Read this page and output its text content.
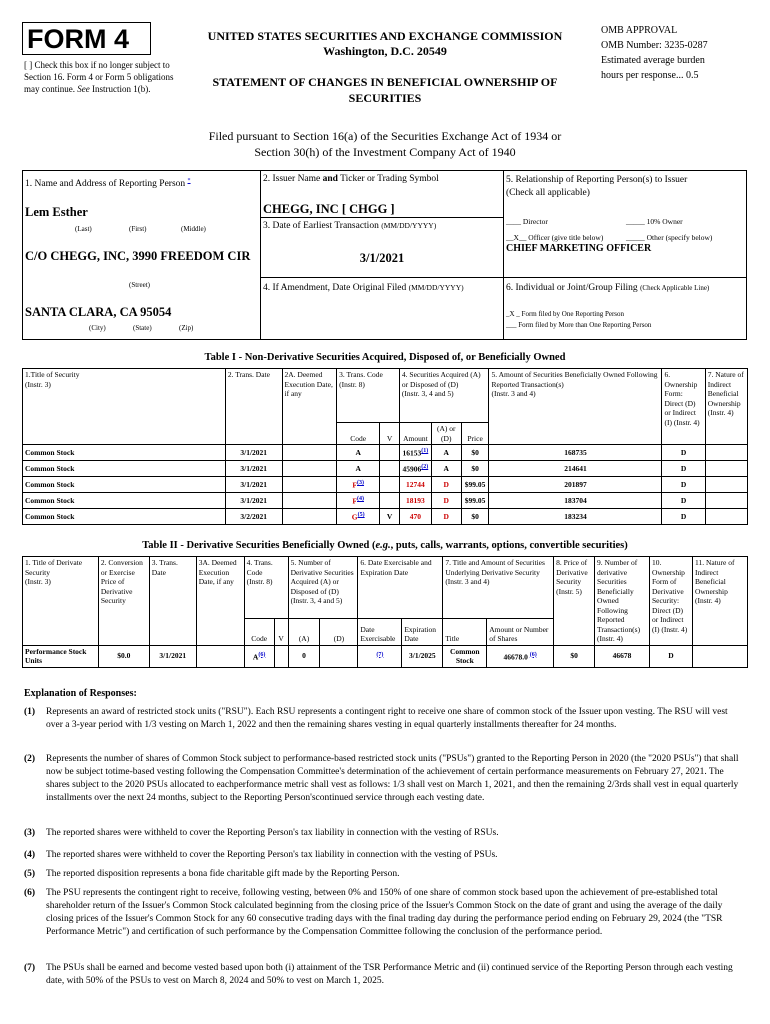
FORM 4
[ ] Check this box if no longer subject to Section 16. Form 4 or Form 5 obligations may continue. See Instruction 1(b).
UNITED STATES SECURITIES AND EXCHANGE COMMISSION
Washington, D.C. 20549
STATEMENT OF CHANGES IN BENEFICIAL OWNERSHIP OF SECURITIES
OMB APPROVAL
OMB Number: 3235-0287
Estimated average burden
hours per response... 0.5
Filed pursuant to Section 16(a) of the Securities Exchange Act of 1934 or
Section 30(h) of the Investment Company Act of 1940
1. Name and Address of Reporting Person *
Lem Esther
(Last)	(First)	(Middle)
C/O CHEGG, INC, 3990 FREEDOM CIR
(Street)
SANTA CLARA, CA 95054
(City)	(State)	(Zip)
2. Issuer Name and Ticker or Trading Symbol
CHEGG, INC [ CHGG ]
3. Date of Earliest Transaction (MM/DD/YYYY)
3/1/2021
4. If Amendment, Date Original Filed (MM/DD/YYYY)
5. Relationship of Reporting Person(s) to Issuer
(Check all applicable)
____ Director	_____ 10% Owner
__X__ Officer (give title below)	_____ Other (specify below)
CHIEF MARKETING OFFICER
6. Individual or Joint/Group Filing (Check Applicable Line)
_X _ Form filed by One Reporting Person
___ Form filed by More than One Reporting Person
Table I - Non-Derivative Securities Acquired, Disposed of, or Beneficially Owned
1.Title of Security
(Instr. 3)	2. Trans. Date	2A. Deemed Execution Date, if any	3. Trans. Code
(Instr. 8)		4. Securities Acquired (A) or Disposed of (D)
(Instr. 3, 4 and 5)			5. Amount of Securities Beneficially Owned Following Reported Transaction(s)
(Instr. 3 and 4)	6. Ownership Form: Direct (D) or Indirect (I) (Instr. 4)	7. Nature of Indirect Beneficial Ownership (Instr. 4)
			Code	V	Amount	(A) or (D)	Price			
Common Stock	3/1/2021		A		16153$^{(1)}$	A	$0	168735	D	
Common Stock	3/1/2021		A		45906$^{(2)}$	A	$0	214641	D	
Common Stock	3/1/2021		$F^{(3)}$		12744	D	$99.05	201897	D	
Common Stock	3/1/2021		$F^{(4)}$		18193	D	$99.05	183704	D	
Common Stock	3/2/2021		$G^{(5)}$	V	470	D	$0	183234	D	
Table II - Derivative Securities Beneficially Owned (e.g., puts, calls, warrants, options, convertible securities)
1. Title of Derivate Security
(Instr. 3)	2. Conversion or Exercise Price of Derivative Security	3. Trans. Date	3A. Deemed Execution Date, if any	4. Trans. Code
(Instr. 8)		5. Number of Derivative Securities Acquired (A) or Disposed of (D)
(Instr. 3, 4 and 5)		6. Date Exercisable and Expiration Date		7. Title and Amount of Securities Underlying Derivative Security
(Instr. 3 and 4)		8. Price of Derivative Security
(Instr. 5)	9. Number of derivative Securities Beneficially Owned Following Reported Transaction(s)
(Instr. 4)	10. Ownership Form of Derivative Security: Direct (D) or Indirect (I) (Instr. 4)	11. Nature of Indirect Beneficial Ownership (Instr. 4)
				Code	V	(A)	(D)	Date Exercisable	Expiration Date	Title	Amount or Number of Shares				
Performance Stock Units	$0.0	3/1/2021		$A^{(6)}$		0		$^{(7)}$	3/1/2025	Common Stock	46678.0 $^{(6)}$	$0	46678	D	
Explanation of Responses:
(1) Represents an award of restricted stock units ("RSU"). Each RSU represents a contingent right to receive one share of common stock of the Issuer upon vesting. The RSU will vest over a 3-year period with 1/3 vesting on March 1, 2022 and then the remaining shares vesting in equal quarterly installments thereafter for 24 months.
(2) Represents the number of shares of Common Stock subject to performance-based restricted stock units ("PSUs") granted to the Reporting Person in 2020 (the "2020 PSUs") that shall now be subject totime-based vesting following the Compensation Committee's determination of the achievement of certain performance measurements on February 27, 2021. The shares subject to the 2020 PSUs allocated to eachperformance metric shall vest as follows: 1/3 shall vest on March 1, 2021, and then the remaining 2/3rds shall vest in equal quarterly installments over the next 24 months, subject to the Reporting Person'scontinued service through each vesting date.
(3) The reported shares were withheld to cover the Reporting Person's tax liability in connection with the vesting of RSUs.
(4) The reported shares were withheld to cover the Reporting Person's tax liability in connection with the vesting of PSUs.
(5) The reported disposition represents a bona fide charitable gift made by the Reporting Person.
(6) The PSU represents the contingent right to receive, following vesting, between 0% and 150% of one share of common stock based upon the achievement of pre-established total shareholder return of the Issuer's Common Stock calculated beginning from the closing price of the Issuer's Common Stock on the date of grant and using the average of the daily closing prices of the Issuer's Common Stock for any 60 consecutive trading days with the final trading day during the performance period ending on February 29, 2024 (the "TSR Performance Metric") and certification of such performance by the Compensation Committee following the conclusion of the performance period.
(7) The PSUs shall be earned and become vested based upon both (i) attainment of the TSR Performance Metric and (ii) continued service of the Reporting Person through each vesting date, with 50% of the PSUs to vest on March 8, 2024 and 50% to vest on March 1, 2025.
